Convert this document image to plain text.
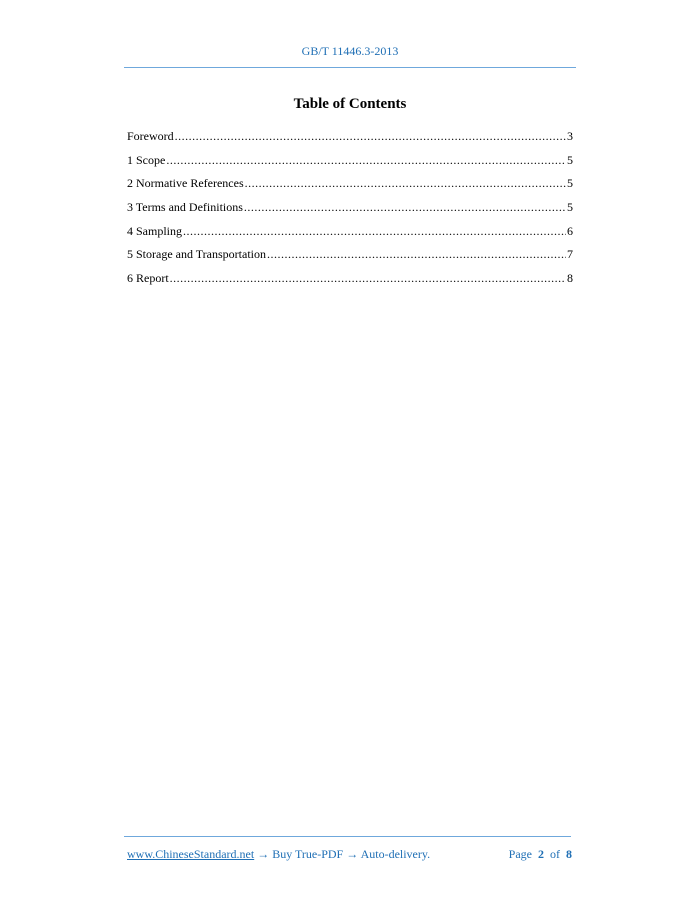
GB/T 11446.3-2013
Table of Contents
Foreword .....	3
1 Scope .....	5
2 Normative References .....	5
3 Terms and Definitions .....	5
4 Sampling .....	6
5 Storage and Transportation .....	7
6 Report .....	8
www.ChineseStandard.net → Buy True-PDF → Auto-delivery.	Page 2 of 8
